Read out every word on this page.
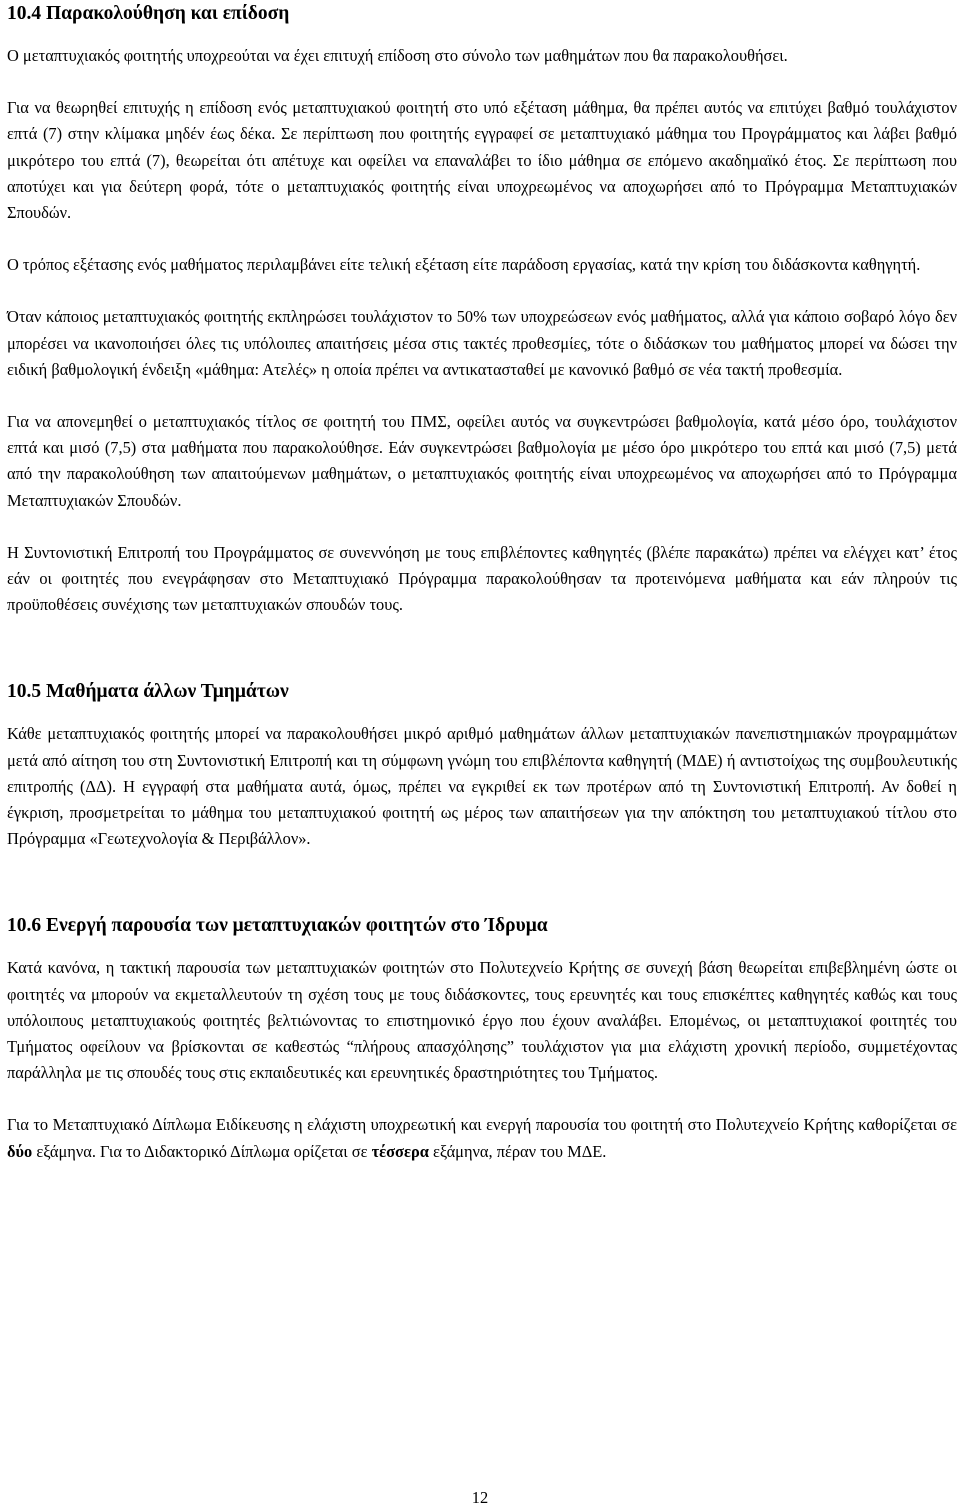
10.4 Παρακολούθηση και επίδοση

Ο μεταπτυχιακός φοιτητής υποχρεούται να έχει επιτυχή επίδοση στο σύνολο των μαθημάτων που θα παρακολουθήσει.

Για να θεωρηθεί επιτυχής η επίδοση ενός μεταπτυχιακού φοιτητή στο υπό εξέταση μάθημα, θα πρέπει αυτός να επιτύχει βαθμό τουλάχιστον επτά (7) στην κλίμακα μηδέν έως δέκα. Σε περίπτωση που φοιτητής εγγραφεί σε μεταπτυχιακό μάθημα του Προγράμματος και λάβει βαθμό μικρότερο του επτά (7), θεωρείται ότι απέτυχε και οφείλει να επαναλάβει το ίδιο μάθημα σε επόμενο ακαδημαϊκό έτος. Σε περίπτωση που αποτύχει και για δεύτερη φορά, τότε ο μεταπτυχιακός φοιτητής είναι υποχρεωμένος να αποχωρήσει από το Πρόγραμμα Μεταπτυχιακών Σπουδών.

Ο τρόπος εξέτασης ενός μαθήματος περιλαμβάνει είτε τελική εξέταση είτε παράδοση εργασίας, κατά την κρίση του διδάσκοντα καθηγητή.

Όταν κάποιος μεταπτυχιακός φοιτητής εκπληρώσει τουλάχιστον το 50% των υποχρεώσεων ενός μαθήματος, αλλά για κάποιο σοβαρό λόγο δεν μπορέσει να ικανοποιήσει όλες τις υπόλοιπες απαιτήσεις μέσα στις τακτές προθεσμίες, τότε ο διδάσκων του μαθήματος μπορεί να δώσει την ειδική βαθμολογική ένδειξη «μάθημα: Ατελές» η οποία πρέπει να αντικατασταθεί με κανονικό βαθμό σε νέα τακτή προθεσμία.

Για να απονεμηθεί ο μεταπτυχιακός τίτλος σε φοιτητή του ΠΜΣ, οφείλει αυτός να συγκεντρώσει βαθμολογία, κατά μέσο όρο, τουλάχιστον επτά και μισό (7,5) στα μαθήματα που παρακολούθησε. Εάν συγκεντρώσει βαθμολογία με μέσο όρο μικρότερο του επτά και μισό (7,5) μετά από την παρακολούθηση των απαιτούμενων μαθημάτων, ο μεταπτυχιακός φοιτητής είναι υποχρεωμένος να αποχωρήσει από το Πρόγραμμα Μεταπτυχιακών Σπουδών.

Η Συντονιστική Επιτροπή του Προγράμματος σε συνεννόηση με τους επιβλέποντες καθηγητές (βλέπε παρακάτω) πρέπει να ελέγχει κατ’ έτος εάν οι φοιτητές που ενεγράφησαν στο Μεταπτυχιακό Πρόγραμμα παρακολούθησαν τα προτεινόμενα μαθήματα και εάν πληρούν τις προϋποθέσεις συνέχισης των μεταπτυχιακών σπουδών τους.

10.5 Μαθήματα άλλων Τμημάτων

Κάθε μεταπτυχιακός φοιτητής μπορεί να παρακολουθήσει μικρό αριθμό μαθημάτων άλλων μεταπτυχιακών πανεπιστημιακών προγραμμάτων μετά από αίτηση του στη Συντονιστική Επιτροπή και τη σύμφωνη γνώμη του επιβλέποντα καθηγητή (ΜΔΕ) ή αντιστοίχως της συμβουλευτικής επιτροπής (ΔΔ). Η εγγραφή στα μαθήματα αυτά, όμως, πρέπει να εγκριθεί εκ των προτέρων από τη Συντονιστική Επιτροπή. Αν δοθεί η έγκριση, προσμετρείται το μάθημα του μεταπτυχιακού φοιτητή ως μέρος των απαιτήσεων για την απόκτηση του μεταπτυχιακού τίτλου στο Πρόγραμμα «Γεωτεχνολογία & Περιβάλλον».

10.6 Ενεργή παρουσία των μεταπτυχιακών φοιτητών στο Ίδρυμα

Κατά κανόνα, η τακτική παρουσία των μεταπτυχιακών φοιτητών στο Πολυτεχνείο Κρήτης σε συνεχή βάση θεωρείται επιβεβλημένη ώστε οι φοιτητές να μπορούν να εκμεταλλευτούν τη σχέση τους με τους διδάσκοντες, τους ερευνητές και τους επισκέπτες καθηγητές καθώς και τους υπόλοιπους μεταπτυχιακούς φοιτητές βελτιώνοντας το επιστημονικό έργο που έχουν αναλάβει. Επομένως, οι μεταπτυχιακοί φοιτητές του Τμήματος οφείλουν να βρίσκονται σε καθεστώς “πλήρους απασχόλησης” τουλάχιστον για μια ελάχιστη χρονική περίοδο, συμμετέχοντας παράλληλα με τις σπουδές τους στις εκπαιδευτικές και ερευνητικές δραστηριότητες του Τμήματος.

Για το Μεταπτυχιακό Δίπλωμα Ειδίκευσης η ελάχιστη υποχρεωτική και ενεργή παρουσία του φοιτητή στο Πολυτεχνείο Κρήτης καθορίζεται σε δύο εξάμηνα. Για το Διδακτορικό Δίπλωμα ορίζεται σε τέσσερα εξάμηνα, πέραν του ΜΔΕ.

12
